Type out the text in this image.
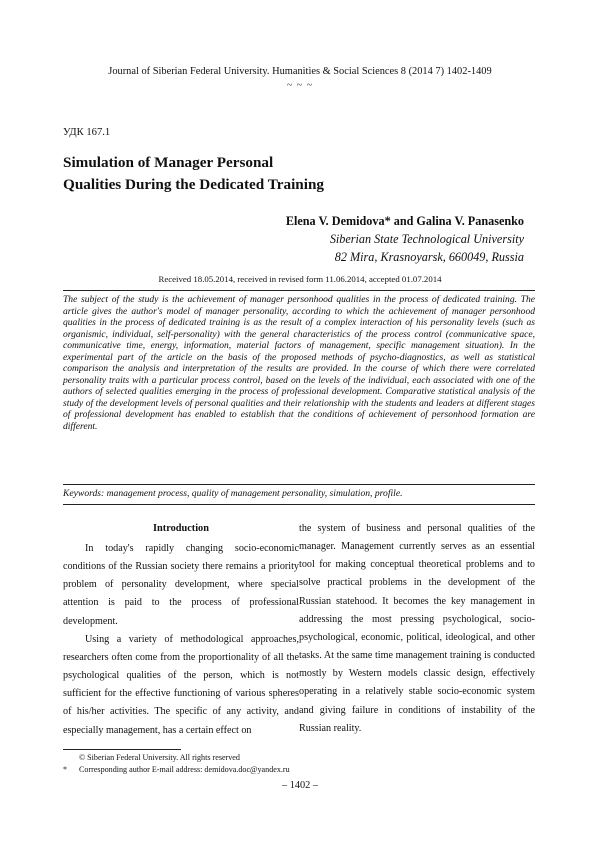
Journal of Siberian Federal University. Humanities & Social Sciences 8 (2014 7) 1402-1409
~ ~ ~
УДК 167.1
Simulation of Manager Personal
Qualities During the Dedicated Training
Elena V. Demidova* and Galina V. Panasenko
Siberian State Technological University
82 Mira, Krasnoyarsk, 660049, Russia
Received 18.05.2014, received in revised form 11.06.2014, accepted 01.07.2014
The subject of the study is the achievement of manager personhood qualities in the process of dedicated training. The article gives the author's model of manager personality, according to which the achievement of manager personhood qualities in the process of dedicated training is as the result of a complex interaction of his personality levels (such as organismic, individual, self-personality) with the general characteristics of the process control (communicative space, communicative time, energy, information, material factors of management, specific management situation). In the experimental part of the article on the basis of the proposed methods of psycho-diagnostics, as well as statistical comparison the analysis and interpretation of the results are provided. In the course of which there were correlated personality traits with a particular process control, based on the levels of the individual, each associated with one of the authors of selected qualities emerging in the process of professional development. Comparative statistical analysis of the study of the development levels of personal qualities and their relationship with the students and leaders at different stages of professional development has enabled to establish that the conditions of achievement of personhood formation are different.
Keywords: management process, quality of management personality, simulation, profile.
Introduction

In today's rapidly changing socio-economic conditions of the Russian society there remains a priority problem of personality development, where special attention is paid to the process of professional development.

Using a variety of methodological approaches, researchers often come from the proportionality of all the psychological qualities of the person, which is not sufficient for the effective functioning of various spheres of his/her activities. The specific of any activity, and especially management, has a certain effect on

the system of business and personal qualities of the manager. Management currently serves as an essential tool for making conceptual theoretical problems and to solve practical problems in the development of the Russian statehood. It becomes the key management in addressing the most pressing psychological, socio-psychological, economic, political, ideological, and other tasks. At the same time management training is conducted mostly by Western models classic design, effectively operating in a relatively stable socio-economic system and giving failure in conditions of instability of the Russian reality.

© Siberian Federal University. All rights reserved
* Corresponding author E-mail address: demidova.doc@yandex.ru
– 1402 –
